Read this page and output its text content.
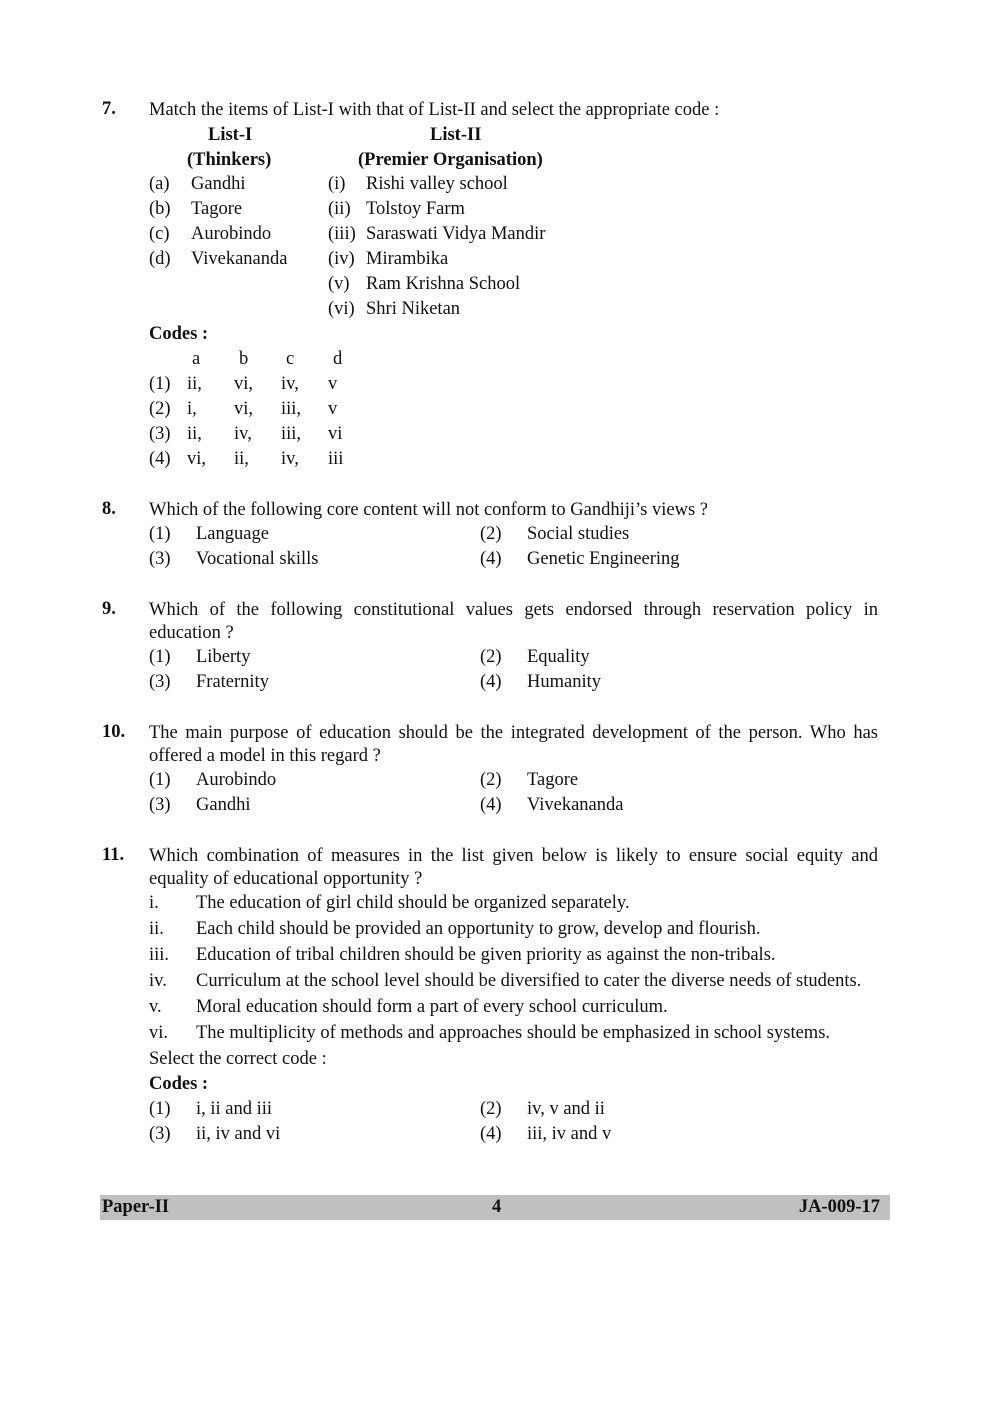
7. Match the items of List-I with that of List-II and select the appropriate code :
List-I
(Thinkers)
List-II
(Premier Organisation)
(a) Gandhi	(i) Rishi valley school
(b) Tagore	(ii) Tolstoy Farm
(c) Aurobindo	(iii) Saraswati Vidya Mandir
(d) Vivekananda (iv) Mirambika
(v) Ram Krishna School
(vi) Shri Niketan
Codes :
a b c d
(1) ii, vi, iv, v
(2) i, vi, iii, v
(3) ii, iv, iii, vi
(4) vi, ii, iv, iii
8. Which of the following core content will not conform to Gandhiji’s views ?
(1) Language	(2) Social studies
(3) Vocational skills	(4) Genetic Engineering
9. Which of the following constitutional values gets endorsed through reservation policy in education ?
(1) Liberty	(2) Equality
(3) Fraternity	(4) Humanity
10. The main purpose of education should be the integrated development of the person. Who has offered a model in this regard ?
(1) Aurobindo	(2) Tagore
(3) Gandhi	(4) Vivekananda
11. Which combination of measures in the list given below is likely to ensure social equity and equality of educational opportunity ?
i. The education of girl child should be organized separately.
ii. Each child should be provided an opportunity to grow, develop and flourish.
iii. Education of tribal children should be given priority as against the non-tribals.
iv. Curriculum at the school level should be diversified to cater the diverse needs of students.
v. Moral education should form a part of every school curriculum.
vi. The multiplicity of methods and approaches should be emphasized in school systems.
Select the correct code :
Codes :
(1) i, ii and iii	(2) iv, v and ii
(3) ii, iv and vi	(4) iii, iv and v
Paper-II	4	JA-009-17
